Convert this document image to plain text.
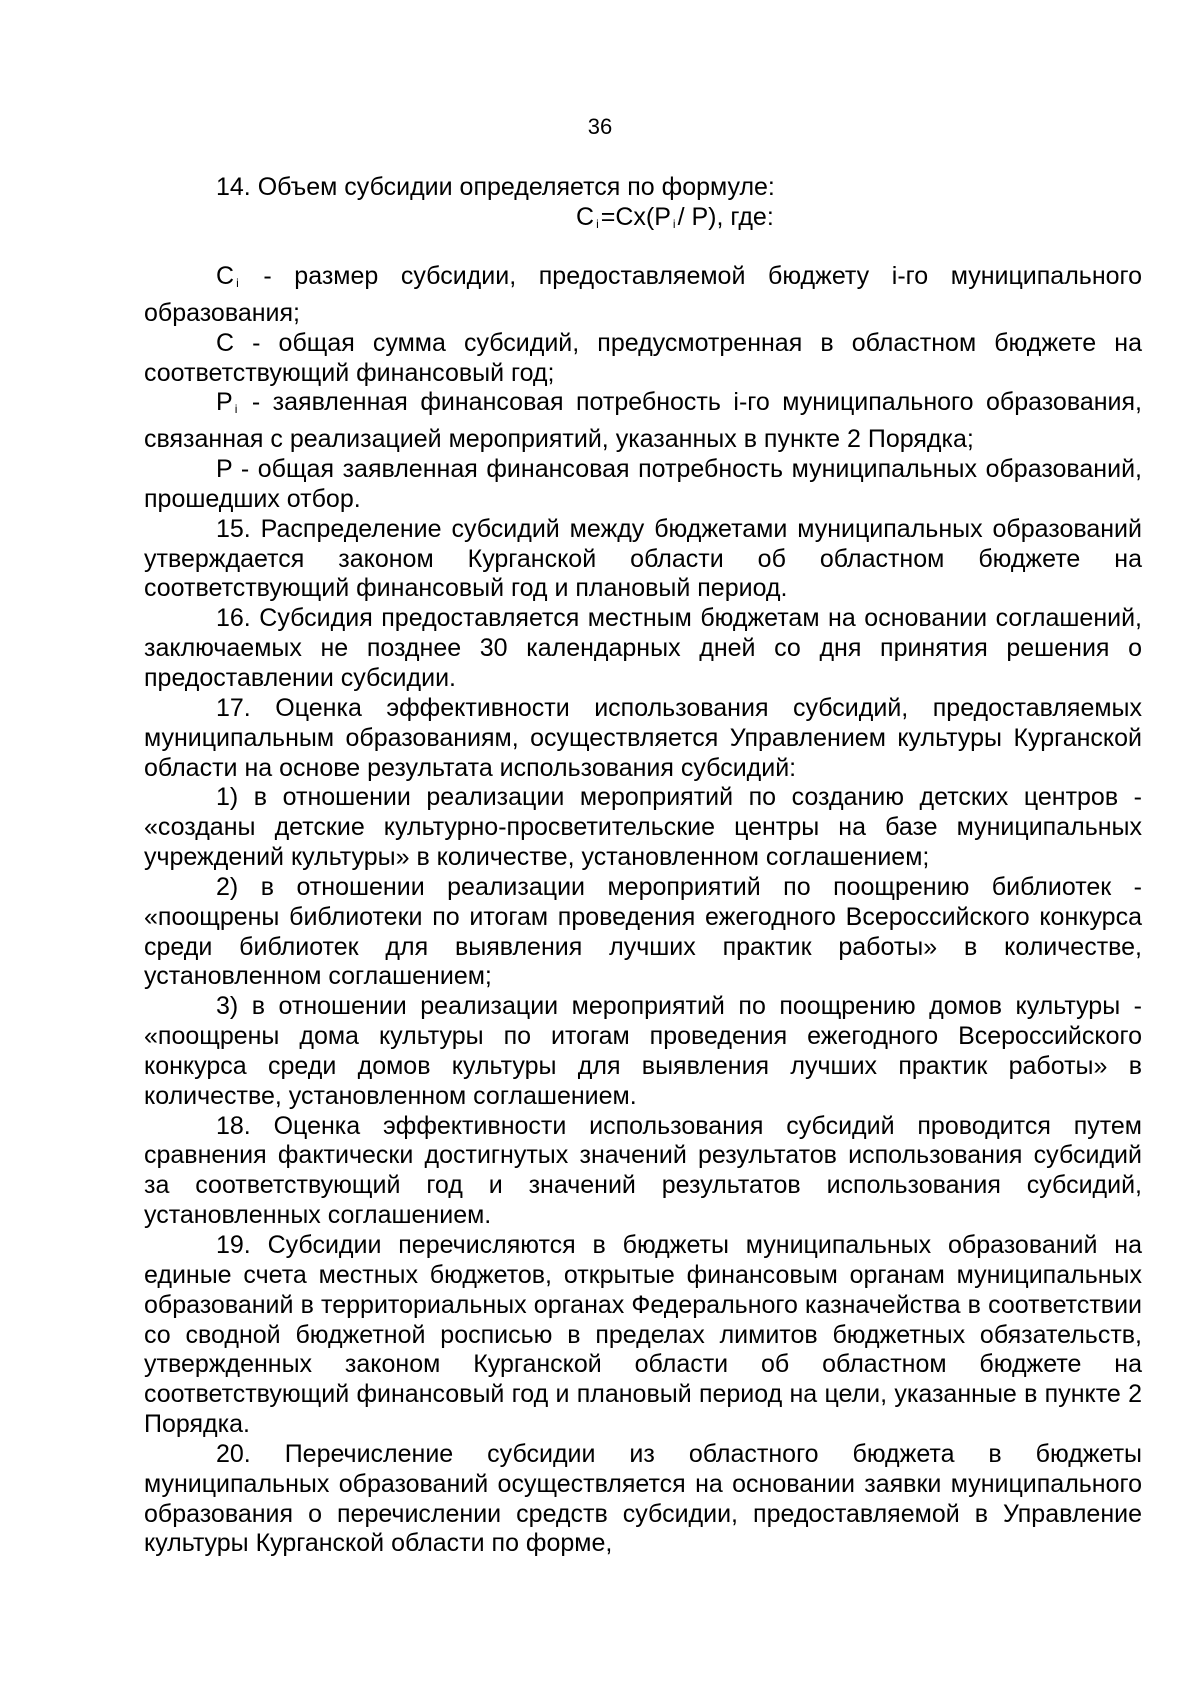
36
14. Объем субсидии определяется по формуле:
C $_i$=Cx(P $_i$/ P), где:

C $_i$ - размер субсидии, предоставляемой бюджету i-го муниципального образования;

C - общая сумма субсидий, предусмотренная в областном бюджете на соответствующий финансовый год;

P $_i$ - заявленная финансовая потребность i-го муниципального образования, связанная с реализацией мероприятий, указанных в пункте 2 Порядка;

P - общая заявленная финансовая потребность муниципальных образований, прошедших отбор.

15. Распределение субсидий между бюджетами муниципальных образований утверждается законом Курганской области об областном бюджете на соответствующий финансовый год и плановый период.

16. Субсидия предоставляется местным бюджетам на основании соглашений, заключаемых не позднее 30 календарных дней со дня принятия решения о предоставлении субсидии.

17. Оценка эффективности использования субсидий, предоставляемых муниципальным образованиям, осуществляется Управлением культуры Курганской области на основе результата использования субсидий:

1) в отношении реализации мероприятий по созданию детских центров - «созданы детские культурно-просветительские центры на базе муниципальных учреждений культуры» в количестве, установленном соглашением;

2) в отношении реализации мероприятий по поощрению библиотек - «поощрены библиотеки по итогам проведения ежегодного Всероссийского конкурса среди библиотек для выявления лучших практик работы» в количестве, установленном соглашением;

3) в отношении реализации мероприятий по поощрению домов культуры - «поощрены дома культуры по итогам проведения ежегодного Всероссийского конкурса среди домов культуры для выявления лучших практик работы» в количестве, установленном соглашением.

18. Оценка эффективности использования субсидий проводится путем сравнения фактически достигнутых значений результатов использования субсидий за соответствующий год и значений результатов использования субсидий, установленных соглашением.

19. Субсидии перечисляются в бюджеты муниципальных образований на единые счета местных бюджетов, открытые финансовым органам муниципальных образований в территориальных органах Федерального казначейства в соответствии со сводной бюджетной росписью в пределах лимитов бюджетных обязательств, утвержденных законом Курганской области об областном бюджете на соответствующий финансовый год и плановый период на цели, указанные в пункте 2 Порядка.

20. Перечисление субсидии из областного бюджета в бюджеты муниципальных образований осуществляется на основании заявки муниципального образования о перечислении средств субсидии, предоставляемой в Управление культуры Курганской области по форме,
